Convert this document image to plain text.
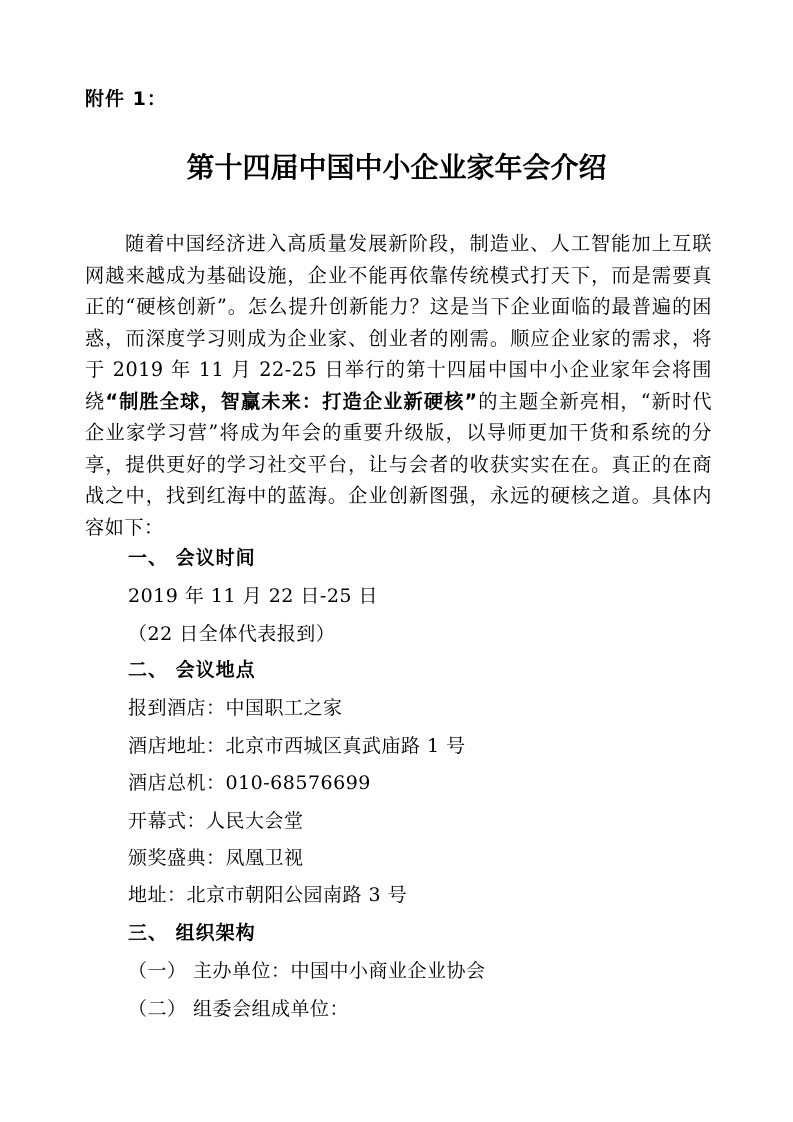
附件 1：
第十四届中国中小企业家年会介绍

随着中国经济进入高质量发展新阶段，制造业、人工智能加上互联网越来越成为基础设施，企业不能再依靠传统模式打天下，而是需要真正的“硬核创新”。怎么提升创新能力？这是当下企业面临的最普遍的困惑，而深度学习则成为企业家、创业者的刚需。顺应企业家的需求，将于 2019 年 11 月 22-25 日举行的第十四届中国中小企业家年会将围绕“制胜全球，智赢未来：打造企业新硬核”的主题全新亮相，“新时代企业家学习营”将成为年会的重要升级版，以导师更加干货和系统的分享，提供更好的学习社交平台，让与会者的收获实实在在。真正的在商战之中，找到红海中的蓝海。企业创新图强，永远的硬核之道。具体内容如下：

一、 会议时间
2019 年 11 月 22 日-25 日
（22 日全体代表报到）
二、 会议地点
报到酒店：中国职工之家
酒店地址：北京市西城区真武庙路 1 号
酒店总机：010-68576699
开幕式：人民大会堂
颁奖盛典：凤凰卫视
地址：北京市朝阳公园南路 3 号
三、 组织架构
（一） 主办单位：中国中小商业企业协会
（二） 组委会组成单位：
